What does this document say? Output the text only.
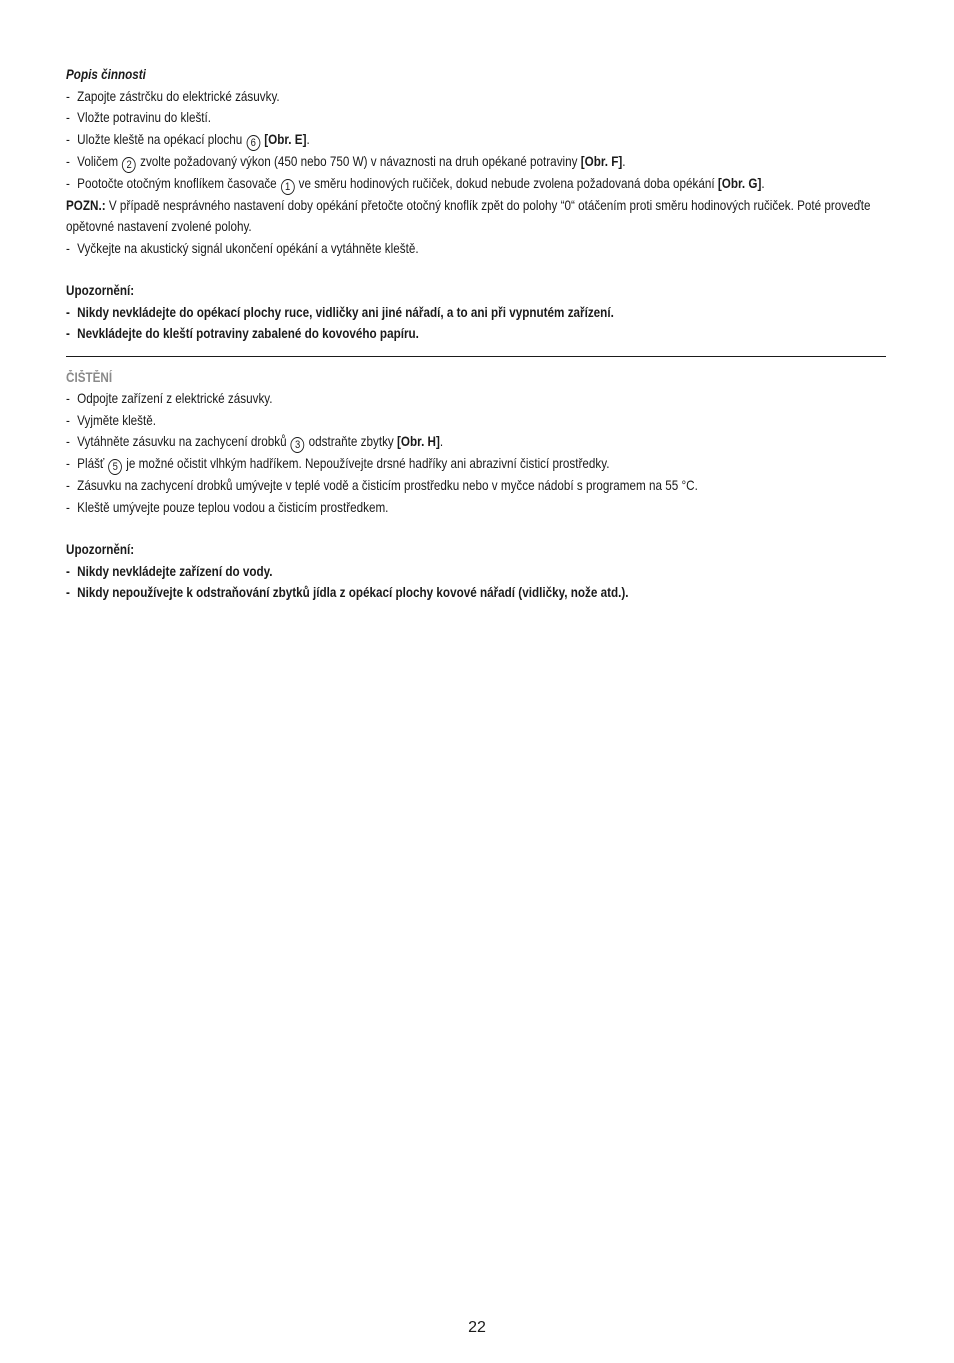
Popis činnosti
- Zapojte zástrčku do elektrické zásuvky.
- Vložte potravinu do kleští.
- Uložte kleště na opékací plochu 6 [Obr. E].
- Voličem 2 zvolte požadovaný výkon (450 nebo 750 W) v návaznosti na druh opékané potraviny [Obr. F].
- Pootočte otočným knoflíkem časovače 1 ve směru hodinových ručiček, dokud nebude zvolena požadovaná doba opékání [Obr. G].
POZN.: V případě nesprávného nastavení doby opékání přetočte otočný knoflík zpět do polohy “0“ otáčením proti směru hodinových ručiček. Poté proveďte opětovné nastavení zvolené polohy.
- Vyčkejte na akustický signál ukončení opékání a vytáhněte kleště.
Upozornění:
- Nikdy nevkládejte do opékací plochy ruce, vidličky ani jiné nářadí, a to ani při vypnutém zařízení.
- Nevkládejte do kleští potraviny zabalené do kovového papíru.
ČIŠTĚNÍ
- Odpojte zařízení z elektrické zásuvky.
- Vyjměte kleště.
- Vytáhněte zásuvku na zachycení drobků 3 odstraňte zbytky [Obr. H].
- Plášť 5 je možné očistit vlhkým hadříkem. Nepoužívejte drsné hadříky ani abrazivní čisticí prostředky.
- Zásuvku na zachycení drobků umývejte v teplé vodě a čisticím prostředku nebo v myčce nádobí s programem na 55 °C.
- Kleště umývejte pouze teplou vodou a čisticím prostředkem.
Upozornění:
- Nikdy nevkládejte zařízení do vody.
- Nikdy nepoužívejte k odstraňování zbytků jídla z opékací plochy kovové nářadí (vidličky, nože atd.).
22
